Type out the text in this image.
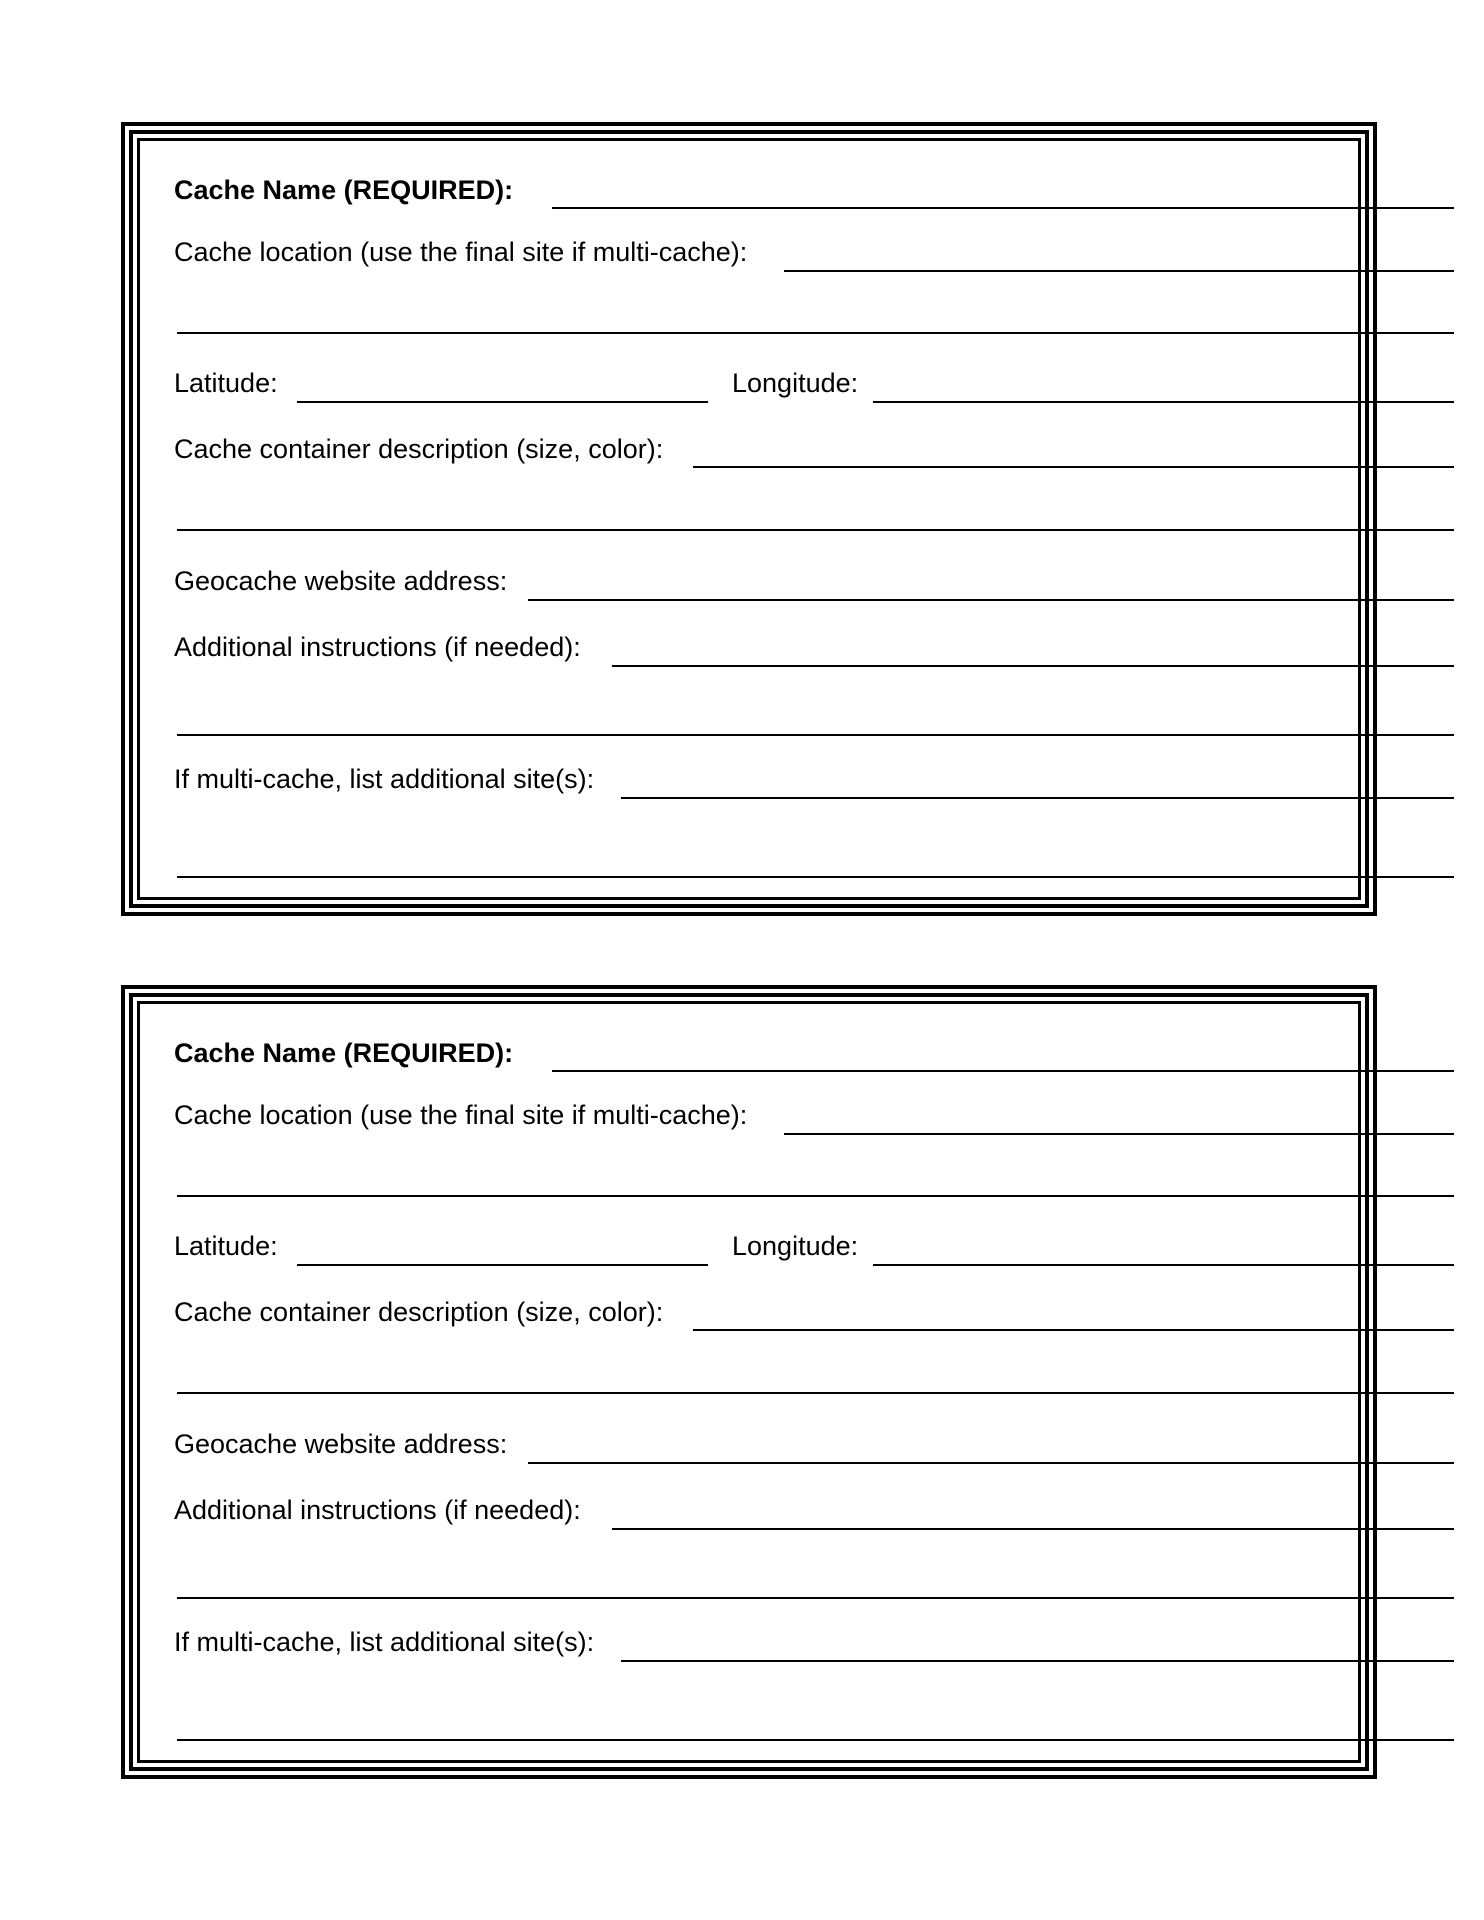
Cache Name (REQUIRED):
Cache location (use the final site if multi-cache):
Latitude:	Longitude:
Cache container description (size, color):
Geocache website address:
Additional instructions (if needed):
If multi-cache, list additional site(s):
Cache Name (REQUIRED):
Cache location (use the final site if multi-cache):
Latitude:	Longitude:
Cache container description (size, color):
Geocache website address:
Additional instructions (if needed):
If multi-cache, list additional site(s):
